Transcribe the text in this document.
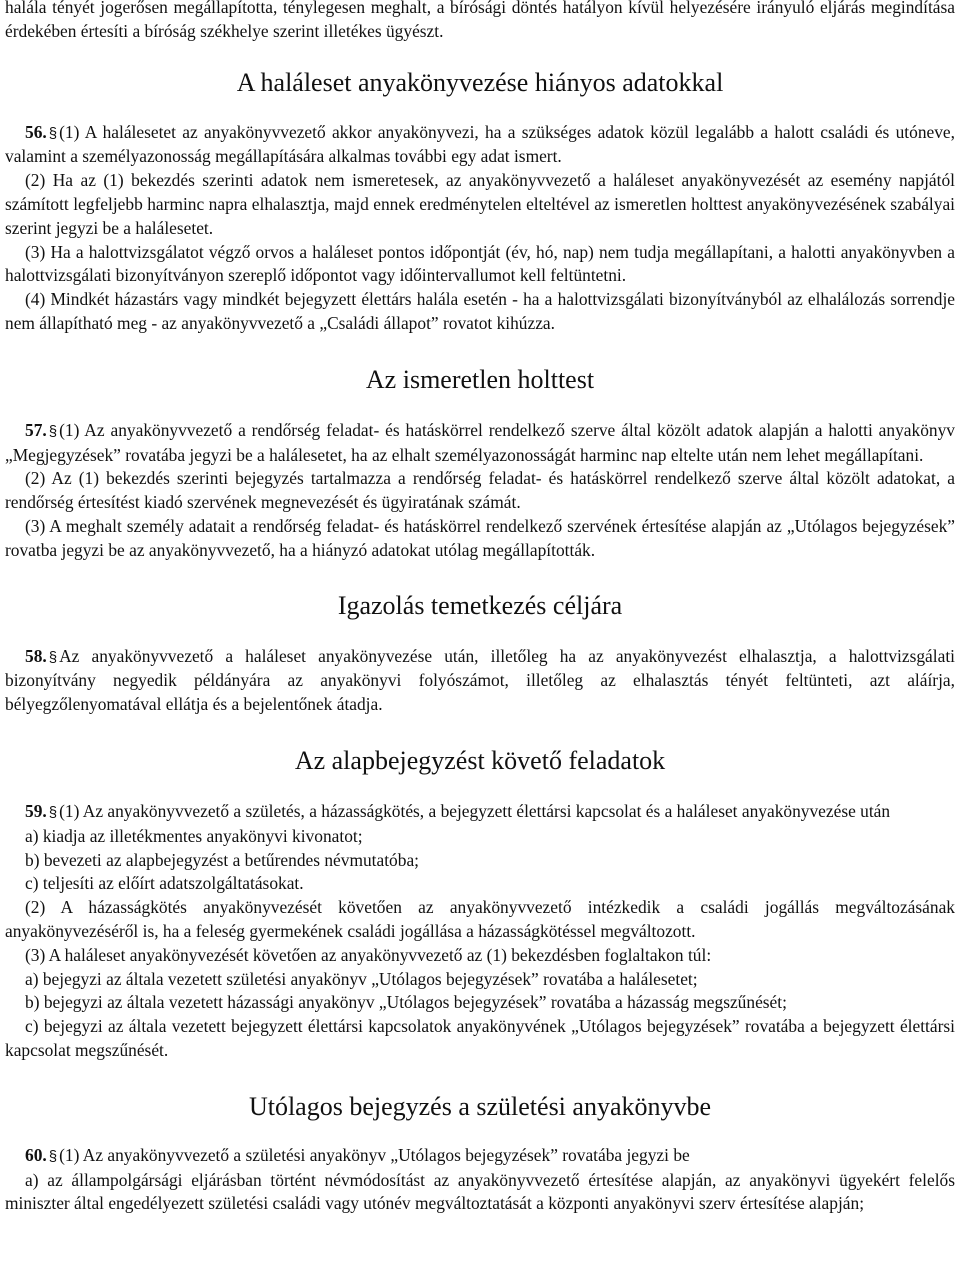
halála tényét jogerősen megállapította, ténylegesen meghalt, a bírósági döntés hatályon kívül helyezésére irányuló eljárás megindítása érdekében értesíti a bíróság székhelye szerint illetékes ügyészt.

A haláleset anyakönyvezése hiányos adatokkal

56. § (1) A halálesetet az anyakönyvvezető akkor anyakönyvezi, ha a szükséges adatok közül legalább a halott családi és utóneve, valamint a személyazonosság megállapítására alkalmas további egy adat ismert.

(2) Ha az (1) bekezdés szerinti adatok nem ismeretesek, az anyakönyvvezető a haláleset anyakönyvezését az esemény napjától számított legfeljebb harminc napra elhalasztja, majd ennek eredménytelen elteltével az ismeretlen holttest anyakönyvezésének szabályai szerint jegyzi be a halálesetet.

(3) Ha a halottvizsgálatot végző orvos a haláleset pontos időpontját (év, hó, nap) nem tudja megállapítani, a halotti anyakönyvben a halottvizsgálati bizonyítványon szereplő időpontot vagy időintervallumot kell feltüntetni.

(4) Mindkét házastárs vagy mindkét bejegyzett élettárs halála esetén - ha a halottvizsgálati bizonyítványból az elhalálozás sorrendje nem állapítható meg - az anyakönyvvezető a „Családi állapot” rovatot kihúzza.

Az ismeretlen holttest

57. § (1) Az anyakönyvvezető a rendőrség feladat- és hatáskörrel rendelkező szerve által közölt adatok alapján a halotti anyakönyv „Megjegyzések” rovatába jegyzi be a halálesetet, ha az elhalt személyazonosságát harminc nap eltelte után nem lehet megállapítani.

(2) Az (1) bekezdés szerinti bejegyzés tartalmazza a rendőrség feladat- és hatáskörrel rendelkező szerve által közölt adatokat, a rendőrség értesítést kiadó szervének megnevezését és ügyiratának számát.

(3) A meghalt személy adatait a rendőrség feladat- és hatáskörrel rendelkező szervének értesítése alapján az „Utólagos bejegyzések” rovatba jegyzi be az anyakönyvvezető, ha a hiányzó adatokat utólag megállapították.

Igazolás temetkezés céljára

58. § Az anyakönyvvezető a haláleset anyakönyvezése után, illetőleg ha az anyakönyvezést elhalasztja, a halottvizsgálati bizonyítvány negyedik példányára az anyakönyvi folyószámot, illetőleg az elhalasztás tényét feltünteti, azt aláírja, bélyegzőlenyomatával ellátja és a bejelentőnek átadja.

Az alapbejegyzést követő feladatok

59. § (1) Az anyakönyvvezető a születés, a házasságkötés, a bejegyzett élettársi kapcsolat és a haláleset anyakönyvezése után

a) kiadja az illetékmentes anyakönyvi kivonatot;

b) bevezeti az alapbejegyzést a betűrendes névmutatóba;

c) teljesíti az előírt adatszolgáltatásokat.

(2) A házasságkötés anyakönyvezését követően az anyakönyvvezető intézkedik a családi jogállás megváltozásának anyakönyvezéséről is, ha a feleség gyermekének családi jogállása a házasságkötéssel megváltozott.

(3) A haláleset anyakönyvezését követően az anyakönyvvezető az (1) bekezdésben foglaltakon túl:

a) bejegyzi az általa vezetett születési anyakönyv „Utólagos bejegyzések” rovatába a halálesetet;

b) bejegyzi az általa vezetett házassági anyakönyv „Utólagos bejegyzések” rovatába a házasság megszűnését;

c) bejegyzi az általa vezetett bejegyzett élettársi kapcsolatok anyakönyvének „Utólagos bejegyzések” rovatába a bejegyzett élettársi kapcsolat megszűnését.

Utólagos bejegyzés a születési anyakönyvbe

60. § (1) Az anyakönyvvezető a születési anyakönyv „Utólagos bejegyzések” rovatába jegyzi be

a) az állampolgársági eljárásban történt névmódosítást az anyakönyvvezető értesítése alapján, az anyakönyvi ügyekért felelős miniszter által engedélyezett születési családi vagy utónév megváltoztatását a központi anyakönyvi szerv értesítése alapján;
